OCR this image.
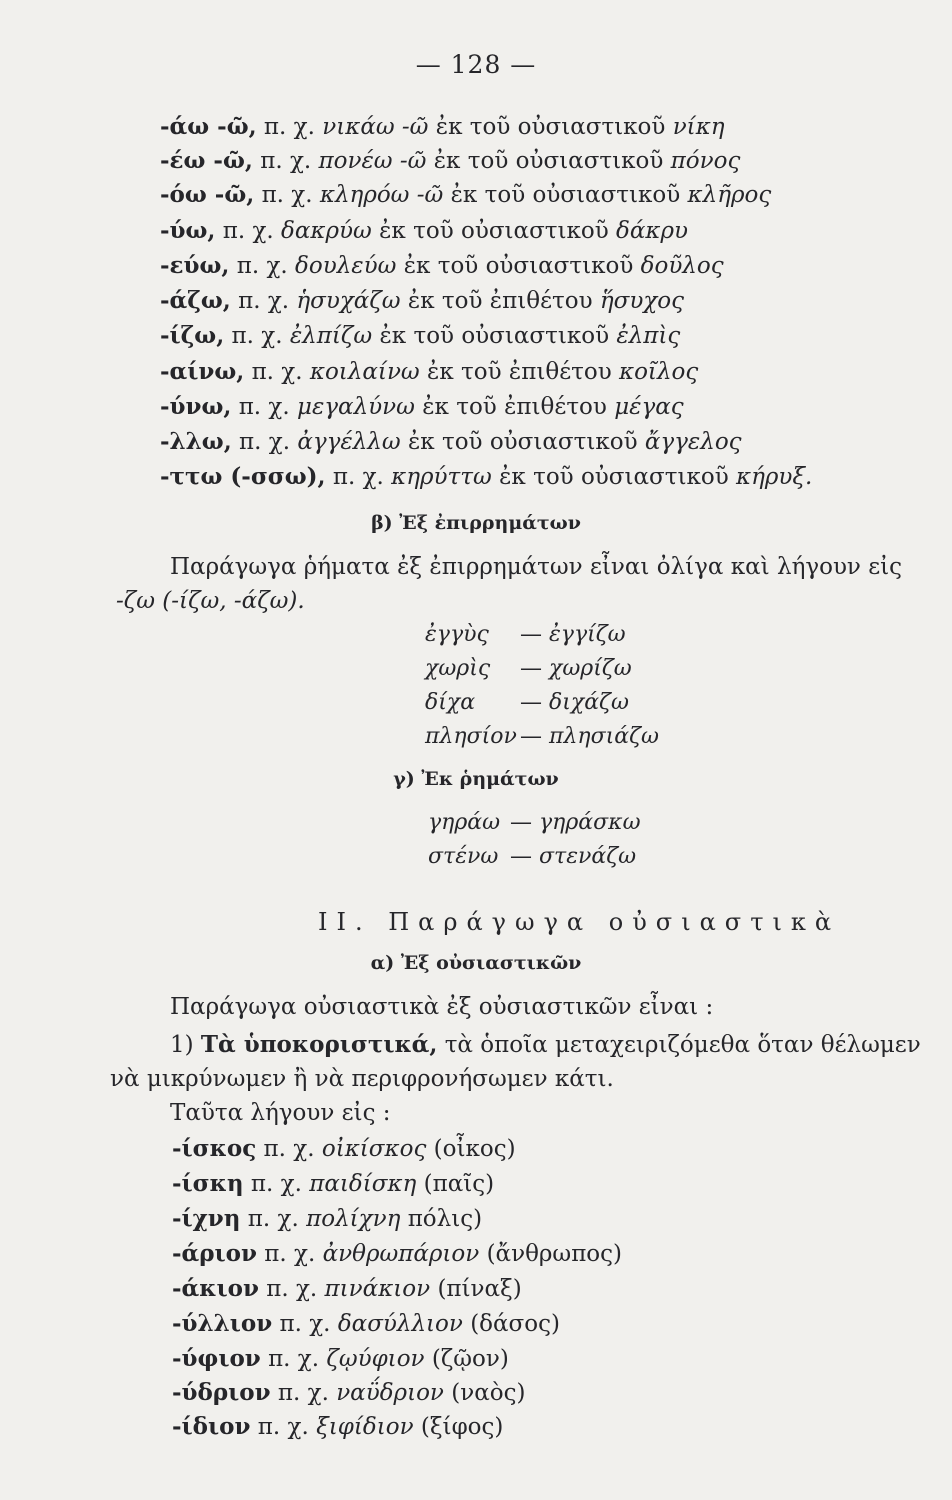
— 128 —
-άω -ῶ, π. χ. νικάω -ῶ ἐκ τοῦ οὐσιαστικοῦ νίκη
-έω -ῶ, π. χ. πονέω -ῶ ἐκ τοῦ οὐσιαστικοῦ πόνος
-όω -ῶ, π. χ. κληρόω -ῶ ἐκ τοῦ οὐσιαστικοῦ κλῆρος
-ύω, π. χ. δακρύω ἐκ τοῦ οὐσιαστικοῦ δάκρυ
-εύω, π. χ. δουλεύω ἐκ τοῦ οὐσιαστικοῦ δοῦλος
-άζω, π. χ. ἡσυχάζω ἐκ τοῦ ἐπιθέτου ἥσυχος
-ίζω, π. χ. ἐλπίζω ἐκ τοῦ οὐσιαστικοῦ ἐλπὶς
-αίνω, π. χ. κοιλαίνω ἐκ τοῦ ἐπιθέτου κοῖλος
-ύνω, π. χ. μεγαλύνω ἐκ τοῦ ἐπιθέτου μέγας
-λλω, π. χ. ἀγγέλλω ἐκ τοῦ οὐσιαστικοῦ ἄγγελος
-ττω (-σσω), π. χ. κηρύττω ἐκ τοῦ οὐσιαστικοῦ κήρυξ.
β) Ἐξ ἐπιρρημάτων
Παράγωγα ῥήματα ἐξ ἐπιρρημάτων εἶναι ὀλίγα καὶ λήγουν εἰς
-ζω (-ίζω, -άζω).
ἐγγὺς — ἐγγίζω
χωρὶς — χωρίζω
δίχα — διχάζω
πλησίον — πλησιάζω
γ) Ἐκ ῥημάτων
γηράω — γηράσκω
στένω — στενάζω
II. Παράγωγα οὐσιαστικὰ
α) Ἐξ οὐσιαστικῶν
Παράγωγα οὐσιαστικὰ ἐξ οὐσιαστικῶν εἶναι :
1) Τὰ ὑποκοριστικά, τὰ ὁποῖα μεταχειριζόμεθα ὅταν θέλωμεν
νὰ μικρύνωμεν ἢ νὰ περιφρονήσωμεν κάτι.
Ταῦτα λήγουν εἰς :
-ίσκος π. χ. οἰκίσκος (οἶκος)
-ίσκη π. χ. παιδίσκη (παῖς)
-ίχνη π. χ. πολίχνη πόλις)
-άριον π. χ. ἀνθρωπάριον (ἄνθρωπος)
-άκιον π. χ. πινάκιον (πίναξ)
-ύλλιον π. χ. δασύλλιον (δάσος)
-ύφιον π. χ. ζῳύφιον (ζῷον)
-ύδριον π. χ. ναΰδριον (ναὸς)
-ίδιον π. χ. ξιφίδιον (ξίφος)
